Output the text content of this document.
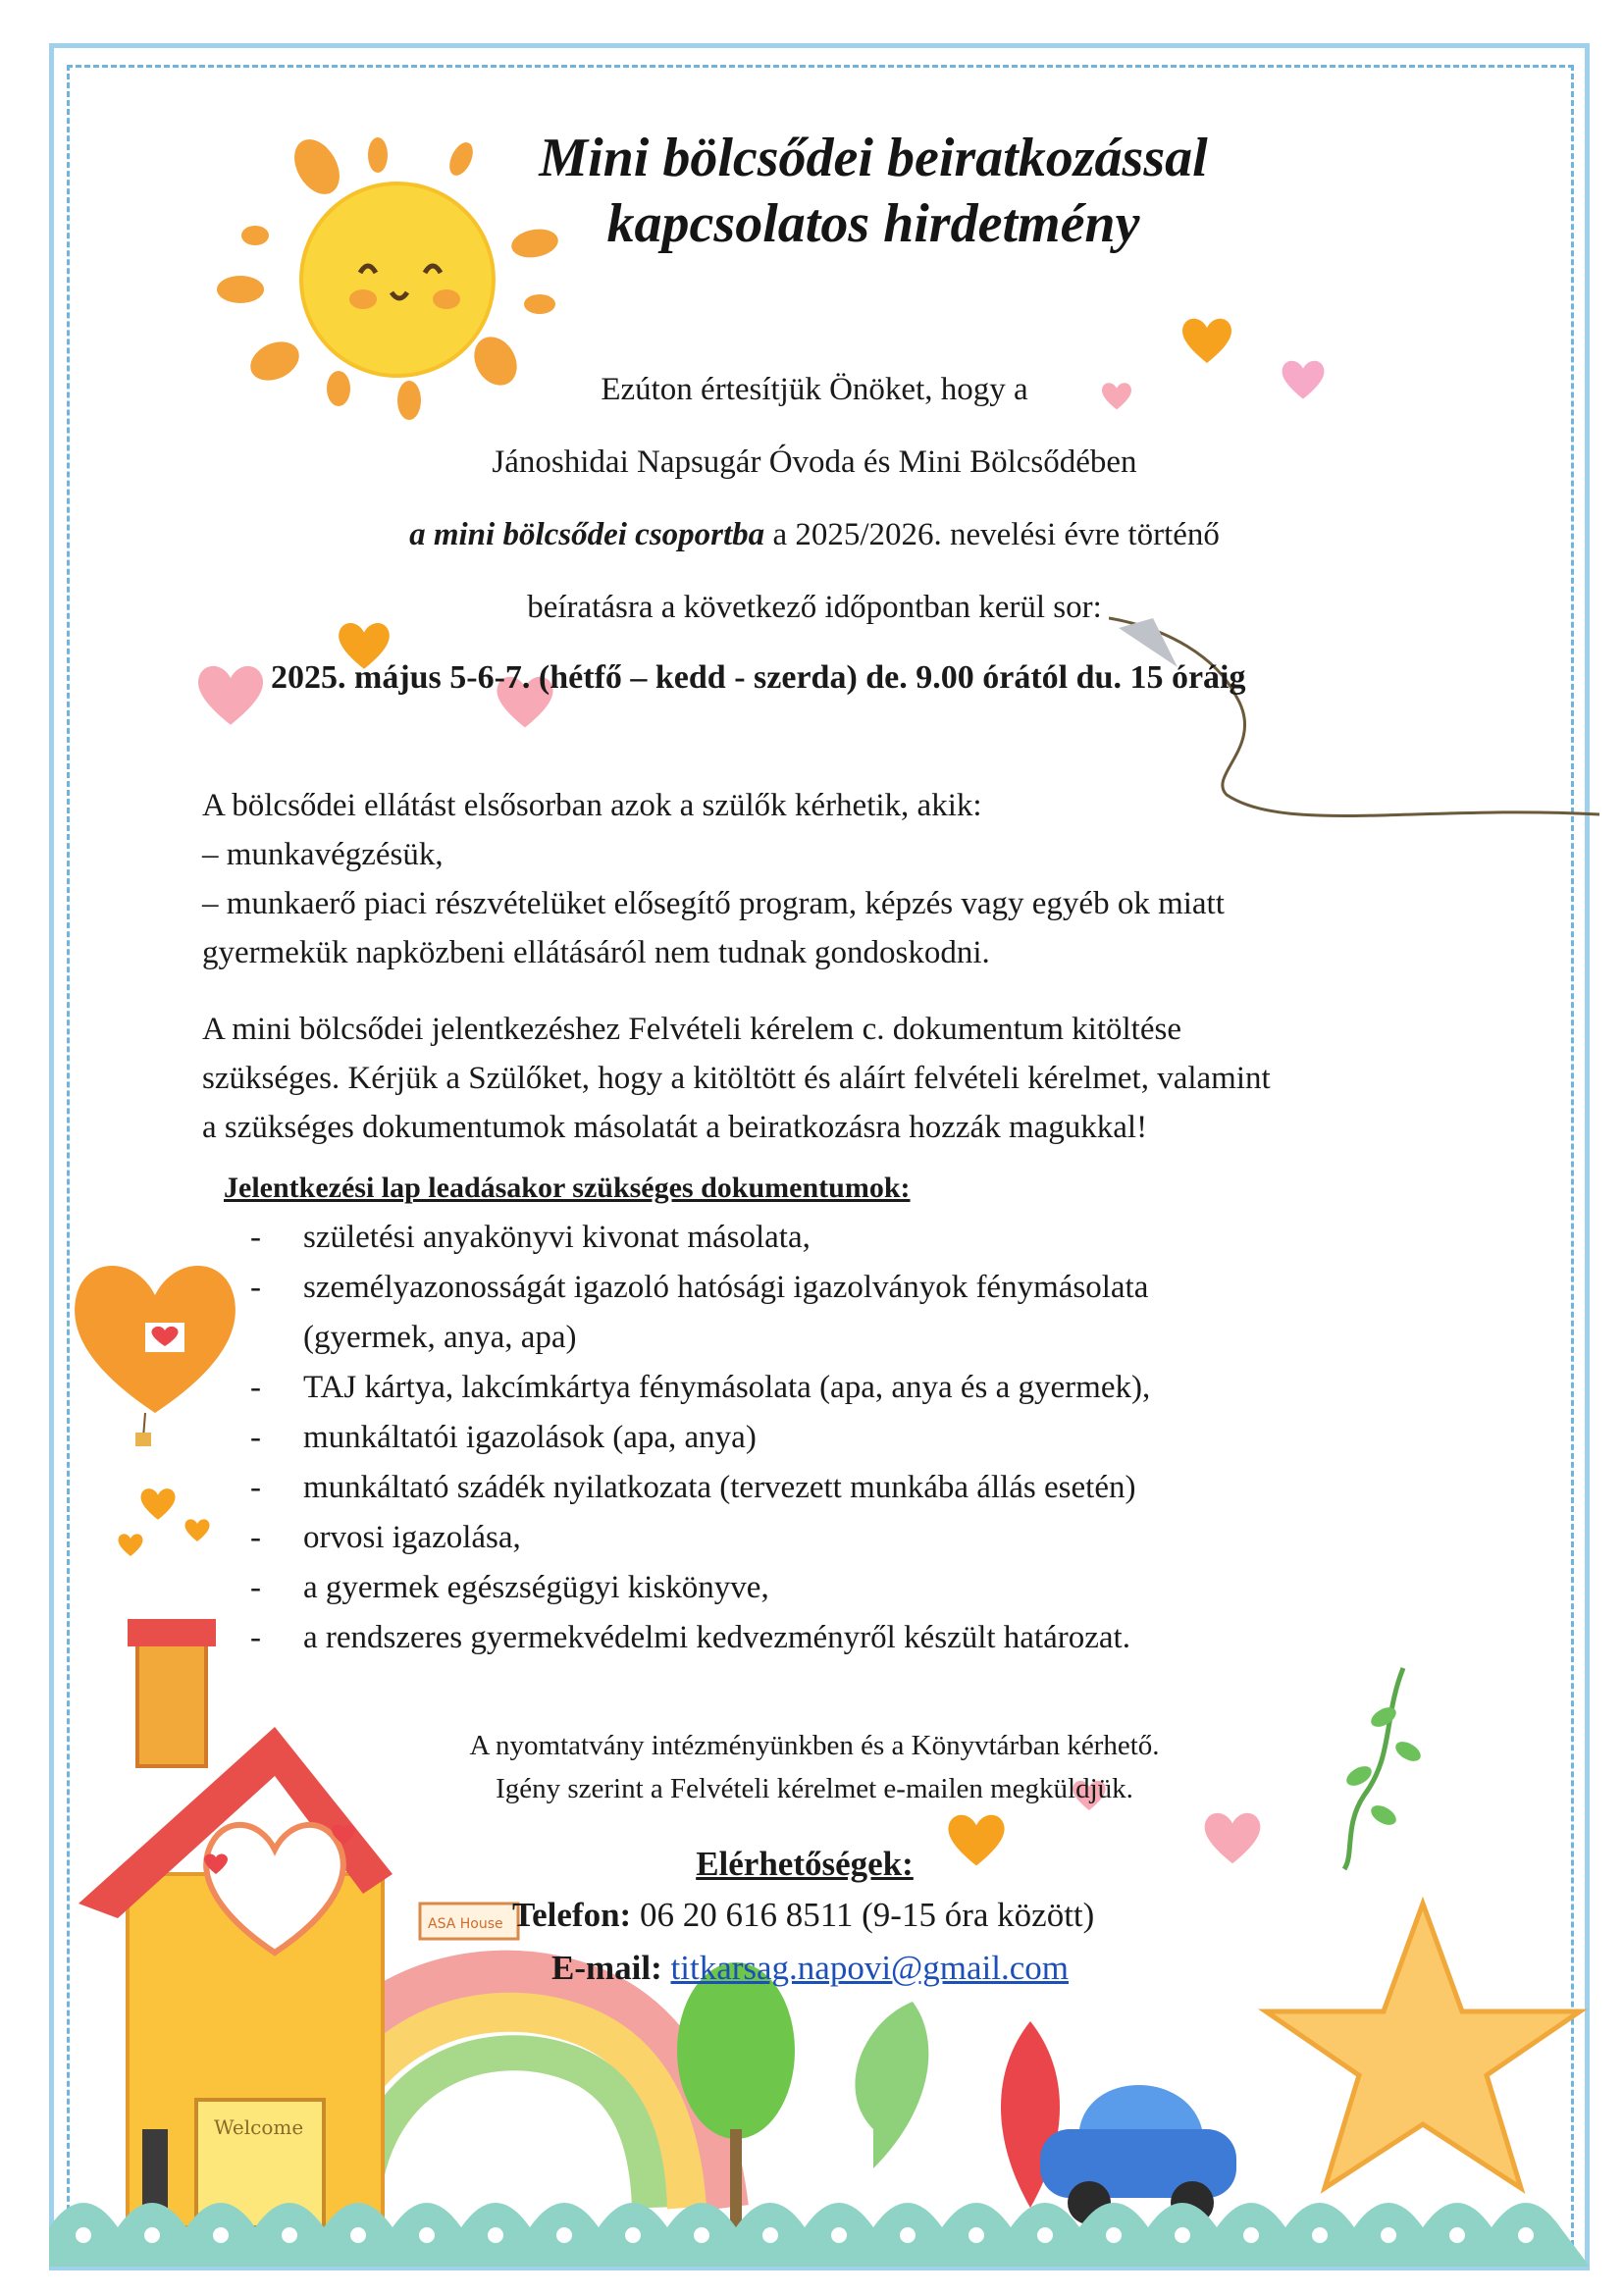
Welcome
ASA House
Mini bölcsődei beiratkozással
kapcsolatos hirdetmény

Ezúton értesítjük Önöket, hogy a

Jánoshidai Napsugár Óvoda és Mini Bölcsődében

a mini bölcsődei csoportba a 2025/2026. nevelési évre történő

beíratásra a következő időpontban kerül sor:

2025. május 5-6-7. (hétfő – kedd - szerda) de. 9.00 órától du. 15 óráig

A bölcsődei ellátást elsősorban azok a szülők kérhetik, akik:
– munkavégzésük,
– munkaerő piaci részvételüket elősegítő program, képzés vagy egyéb ok miatt
gyermekük napközbeni ellátásáról nem tudnak gondoskodni.
A mini bölcsődei jelentkezéshez Felvételi kérelem c. dokumentum kitöltése
szükséges. Kérjük a Szülőket, hogy a kitöltött és aláírt felvételi kérelmet, valamint
a szükséges dokumentumok másolatát a beiratkozásra hozzák magukkal!

Jelentkezési lap leadásakor szükséges dokumentumok:

- születési anyakönyvi kivonat másolata,
- személyazonosságát igazoló hatósági igazolványok fénymásolata
(gyermek, anya, apa)
- TAJ kártya, lakcímkártya fénymásolata (apa, anya és a gyermek),
- munkáltatói igazolások (apa, anya)
- munkáltató szádék nyilatkozata (tervezett munkába állás esetén)
- orvosi igazolása,
- a gyermek egészségügyi kiskönyve,
- a rendszeres gyermekvédelmi kedvezményről készült határozat.

A nyomtatvány intézményünkben és a Könyvtárban kérhető.

Igény szerint a Felvételi kérelmet e-mailen megküldjük.

Elérhetőségek:

Telefon: 06 20 616 8511 (9-15 óra között)

E-mail: titkarsag.napovi@gmail.com
